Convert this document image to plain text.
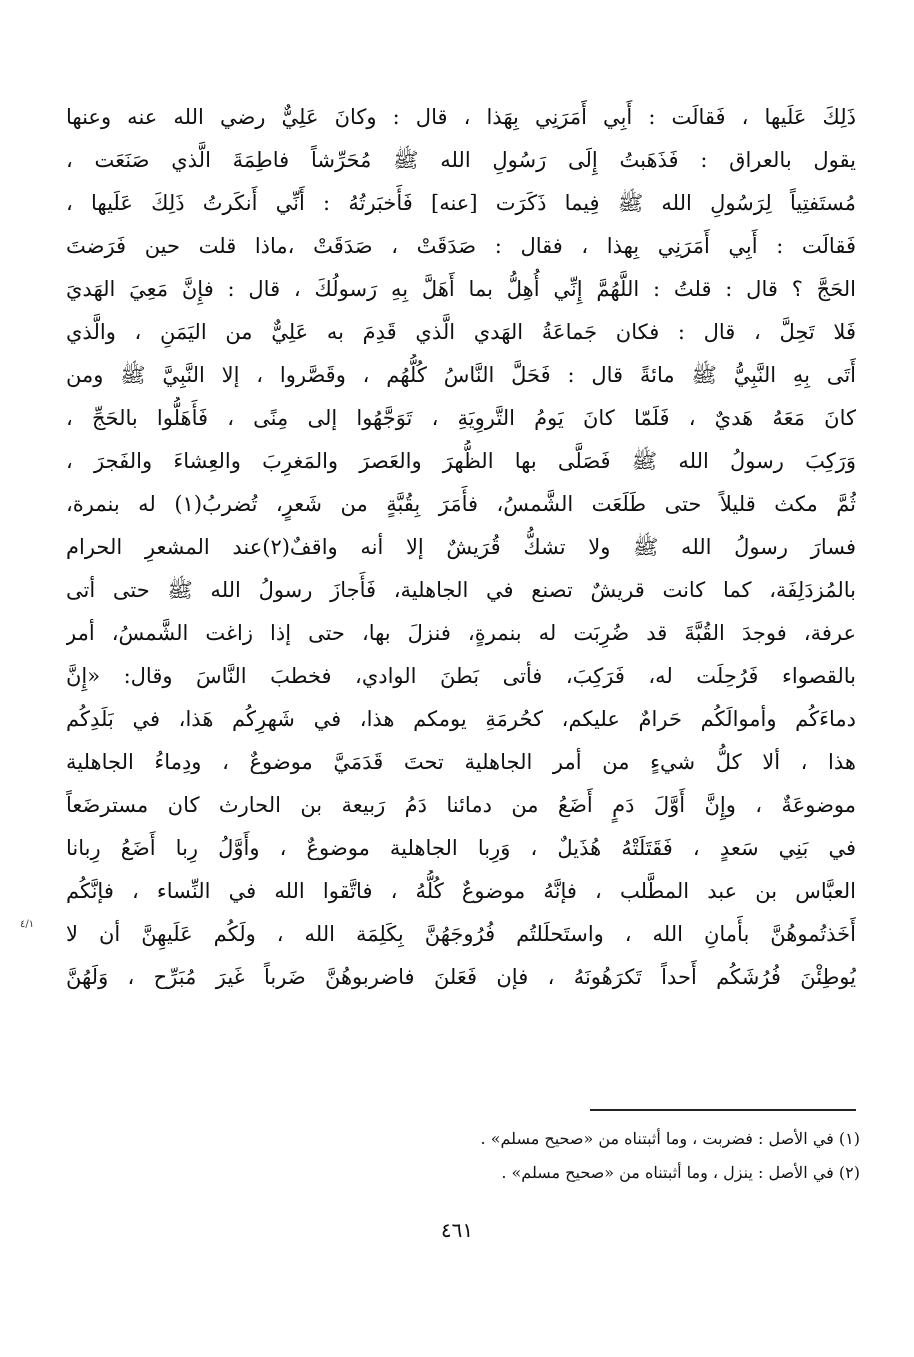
ذَلِكَ عَلَيها ، فَقالَت : أَبِي أَمَرَنِي بِهَذا ، قال : وكانَ عَلِيٌّ رضي الله عنه وعنها
يقول بالعراق : فَذَهَبتُ إِلَى رَسُولِ الله ﷺ مُحَرِّشاً فاطِمَةَ الَّذي صَنَعَت ،
مُستَفتِياً لِرَسُولِ الله ﷺ فِيما ذَكَرَت [عنه] فَأَخبَرتُهُ : أَنِّي أَنكَرتُ ذَلِكَ عَلَيها ،
فَقالَت : أَبِي أَمَرَنِي بِهذا ، فقال : صَدَقَتْ ، صَدَقَتْ ،ماذا قلت حين فَرَضتَ
الحَجَّ ؟ قال : قلتُ : اللَّهُمَّ إِنِّي أُهِلُّ بما أَهَلَّ بِهِ رَسولُكَ ، قال : فإِنَّ مَعِيَ الهَديَ
فَلا تَحِلَّ ، قال : فكان جَماعَةُ الهَدي الَّذي قَدِمَ به عَلِيٌّ من اليَمَنِ ، والَّذي
أَتَى بِهِ النَّبِيُّ ﷺ مائةً قال : فَحَلَّ النَّاسُ كُلُّهُم ، وقَصَّروا ، إلا النَّبِيَّ ﷺ ومن
كانَ مَعَهُ هَديٌ ، فَلَمّا كانَ يَومُ التَّروِيَةِ ، تَوَجَّهُوا إلى مِنًى ، فَأَهَلُّوا بالحَجِّ ،
وَرَكِبَ رسولُ الله ﷺ فَصَلَّى بها الظُّهرَ والعَصرَ والمَغرِبَ والعِشاءَ والفَجرَ ،
ثُمَّ مكث قليلاً حتى طَلَعَت الشَّمسُ، فأَمَرَ بِقُبَّةٍ من شَعرٍ، تُضربُ(١) له بنمرة،
فسارَ رسولُ الله ﷺ ولا تشكُّ قُرَيشٌ إلا أنه واقفٌ(٢)عند المشعرِ الحرام
بالمُزدَلِفَة، كما كانت قريشٌ تصنع في الجاهلية، فَأَجازَ رسولُ الله ﷺ حتى أتى
عرفة، فوجدَ القُبَّةَ قد ضُرِبَت له بنمرةٍ، فنزلَ بها، حتى إذا زاغت الشَّمسُ، أمر
بالقصواء فَرُحِلَت له، فَرَكِبَ، فأتى بَطنَ الوادي، فخطبَ النَّاسَ وقال: «إِنَّ
دماءَكُم وأموالَكُم حَرامٌ عليكم، كحُرمَةِ يومكم هذا، في شَهرِكُم هَذا، في بَلَدِكُم
هذا ، ألا كلُّ شيءٍ من أمر الجاهلية تحتَ قَدَمَيَّ موضوعٌ ، ودِماءُ الجاهلية
موضوعَةٌ ، وإِنَّ أَوَّلَ دَمٍ أَضَعُ من دمائنا دَمُ رَبيعة بن الحارث كان مسترضَعاً
في بَنِي سَعدٍ ، فَقَتَلَتْهُ هُذَيلٌ ، وَرِبا الجاهلية موضوعٌ ، وأَوَّلُ رِبا أَضَعُ رِبانا
العبَّاس بن عبد المطَّلب ، فإنَّهُ موضوعٌ كُلُّهُ ، فاتَّقوا الله في النِّساء ، فإنَّكُم
أَخَذتُموهُنَّ بأَمانِ الله ، واستَحلَلتُم فُرُوجَهُنَّ بِكَلِمَة الله ، ولَكُم عَلَيهِنَّ أن لا
يُوطِئْنَ فُرُشَكُم أَحداً تَكرَهُونَهُ ، فإن فَعَلنَ فاضربوهُنَّ ضَرباً غَيرَ مُبَرِّح ، وَلَهُنَّ
٤/١
(١) في الأصل : فضربت ، وما أثبتناه من «صحيح مسلم» .
(٢) في الأصل : ينزل ، وما أثبتناه من «صحيح مسلم» .
٤٦١
